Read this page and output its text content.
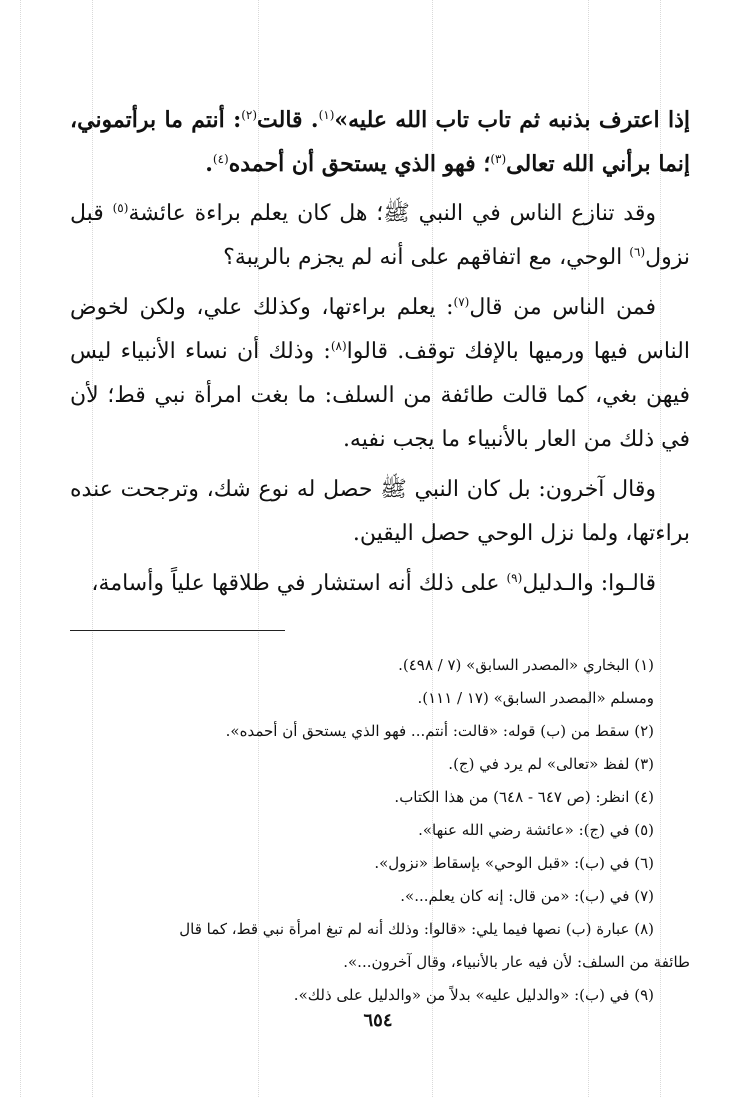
إذا اعترف بذنبه ثم تاب تاب الله عليه»$^{(١)}$. قالت$^{(٢)}$: أنتم ما برأتموني، إنما برأني الله تعالى$^{(٣)}$؛ فهو الذي يستحق أن أحمده$^{(٤)}$.

وقد تنازع الناس في النبي ﷺ؛ هل كان يعلم براءة عائشة$^{(٥)}$ قبل نزول$^{(٦)}$ الوحي، مع اتفاقهم على أنه لم يجزم بالريبة؟

فمن الناس من قال$^{(٧)}$: يعلم براءتها، وكذلك علي، ولكن لخوض الناس فيها ورميها بالإفك توقف. قالوا$^{(٨)}$: وذلك أن نساء الأنبياء ليس فيهن بغي، كما قالت طائفة من السلف: ما بغت امرأة نبي قط؛ لأن في ذلك من العار بالأنبياء ما يجب نفيه.

وقال آخرون: بل كان النبي ﷺ حصل له نوع شك، وترجحت عنده براءتها، ولما نزل الوحي حصل اليقين.

قالـوا: والـدليل$^{(٩)}$ على ذلك أنه استشار في طلاقها علياً وأسامة،

(١) البخاري «المصدر السابق» (٧ / ٤٩٨).

ومسلم «المصدر السابق» (١٧ / ١١١).

(٢) سقط من (ب) قوله: «قالت: أنتم... فهو الذي يستحق أن أحمده».

(٣) لفظ «تعالى» لم يرد في (ج).

(٤) انظر: (ص ٦٤٧ - ٦٤٨) من هذا الكتاب.

(٥) في (ج): «عائشة رضي الله عنها».

(٦) في (ب): «قبل الوحي» بإسقاط «نزول».

(٧) في (ب): «من قال: إنه كان يعلم...».

(٨) عبارة (ب) نصها فيما يلي: «قالوا: وذلك أنه لم تبغ امرأة نبي قط، كما قال

طائفة من السلف: لأن فيه عار بالأنبياء، وقال آخرون...».

(٩) في (ب): «والدليل عليه» بدلاً من «والدليل على ذلك».

٦٥٤
